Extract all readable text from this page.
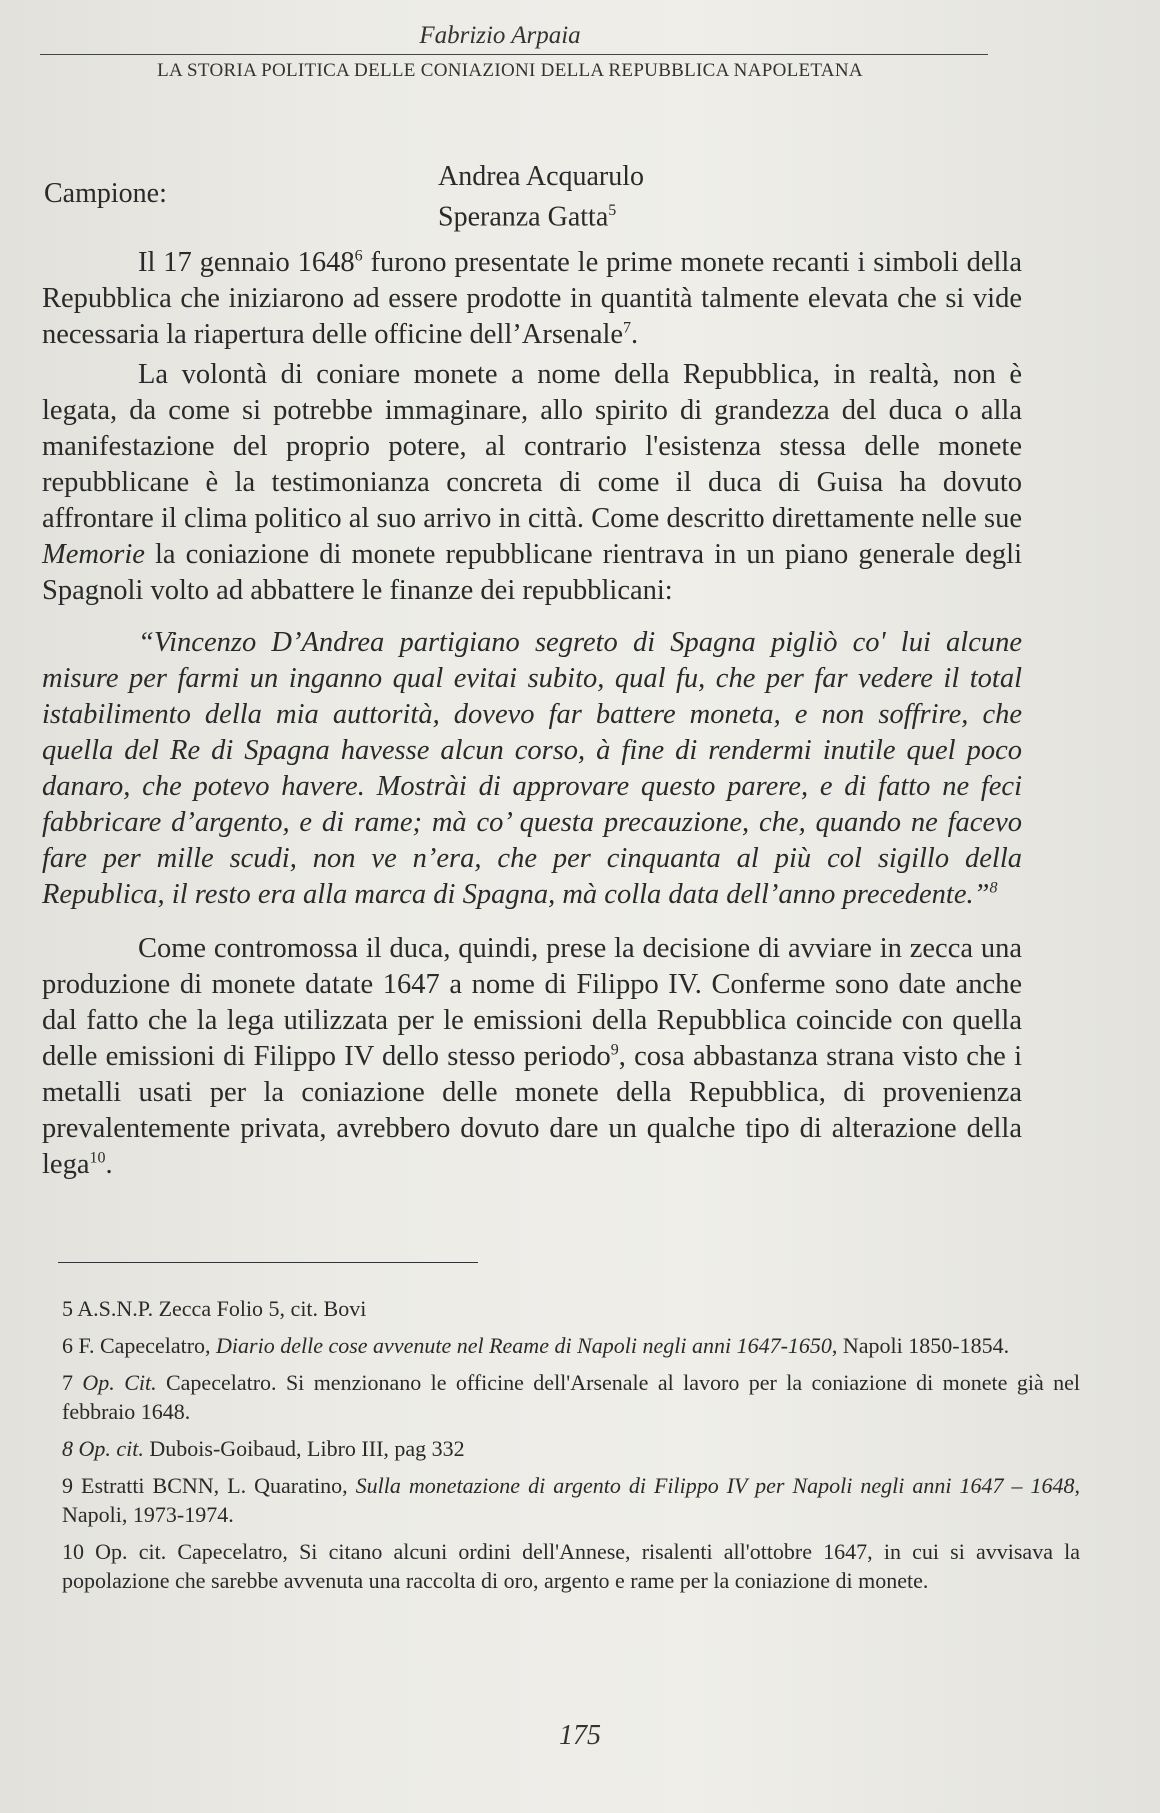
Fabrizio Arpaia
LA STORIA POLITICA DELLE CONIAZIONI DELLA REPUBBLICA NAPOLETANA
Campione:
Andrea Acquarulo
Speranza Gatta$^5$

Il 17 gennaio 1648$^6$ furono presentate le prime monete recanti i simboli della Repubblica che iniziarono ad essere prodotte in quantità talmente elevata che si vide necessaria la riapertura delle officine dell’Arsenale$^7$.

La volontà di coniare monete a nome della Repubblica, in realtà, non è legata, da come si potrebbe immaginare, allo spirito di grandezza del duca o alla manifestazione del proprio potere, al contrario l'esistenza stessa delle monete repubblicane è la testimonianza concreta di come il duca di Guisa ha dovuto affrontare il clima politico al suo arrivo in città. Come descritto direttamente nelle sue Memorie la coniazione di monete repubblicane rientrava in un piano generale degli Spagnoli volto ad abbattere le finanze dei repubblicani:

“Vincenzo D’Andrea partigiano segreto di Spagna pigliò co' lui alcune misure per farmi un inganno qual evitai subito, qual fu, che per far vedere il total istabilimento della mia auttorità, dovevo far battere moneta, e non soffrire, che quella del Re di Spagna havesse alcun corso, à fine di rendermi inutile quel poco danaro, che potevo havere. Mostrài di approvare questo parere, e di fatto ne feci fabbricare d’argento, e di rame; mà co’ questa precauzione, che, quando ne facevo fare per mille scudi, non ve n’era, che per cinquanta al più col sigillo della Republica, il resto era alla marca di Spagna, mà colla data dell’anno precedente.”$^8$

Come contromossa il duca, quindi, prese la decisione di avviare in zecca una produzione di monete datate 1647 a nome di Filippo IV. Conferme sono date anche dal fatto che la lega utilizzata per le emissioni della Repubblica coincide con quella delle emissioni di Filippo IV dello stesso periodo$^9$, cosa abbastanza strana visto che i metalli usati per la coniazione delle monete della Repubblica, di provenienza prevalentemente privata, avrebbero dovuto dare un qualche tipo di alterazione della lega$^{10}$.

5 A.S.N.P. Zecca Folio 5, cit. Bovi
6 F. Capecelatro, Diario delle cose avvenute nel Reame di Napoli negli anni 1647-1650, Napoli 1850-1854.
7 Op. Cit. Capecelatro. Si menzionano le officine dell'Arsenale al lavoro per la coniazione di monete già nel febbraio 1648.
8 Op. cit. Dubois-Goibaud, Libro III, pag 332
9 Estratti BCNN, L. Quaratino, Sulla monetazione di argento di Filippo IV per Napoli negli anni 1647 – 1648, Napoli, 1973-1974.
10 Op. cit. Capecelatro, Si citano alcuni ordini dell'Annese, risalenti all'ottobre 1647, in cui si avvisava la popolazione che sarebbe avvenuta una raccolta di oro, argento e rame per la coniazione di monete.
175
